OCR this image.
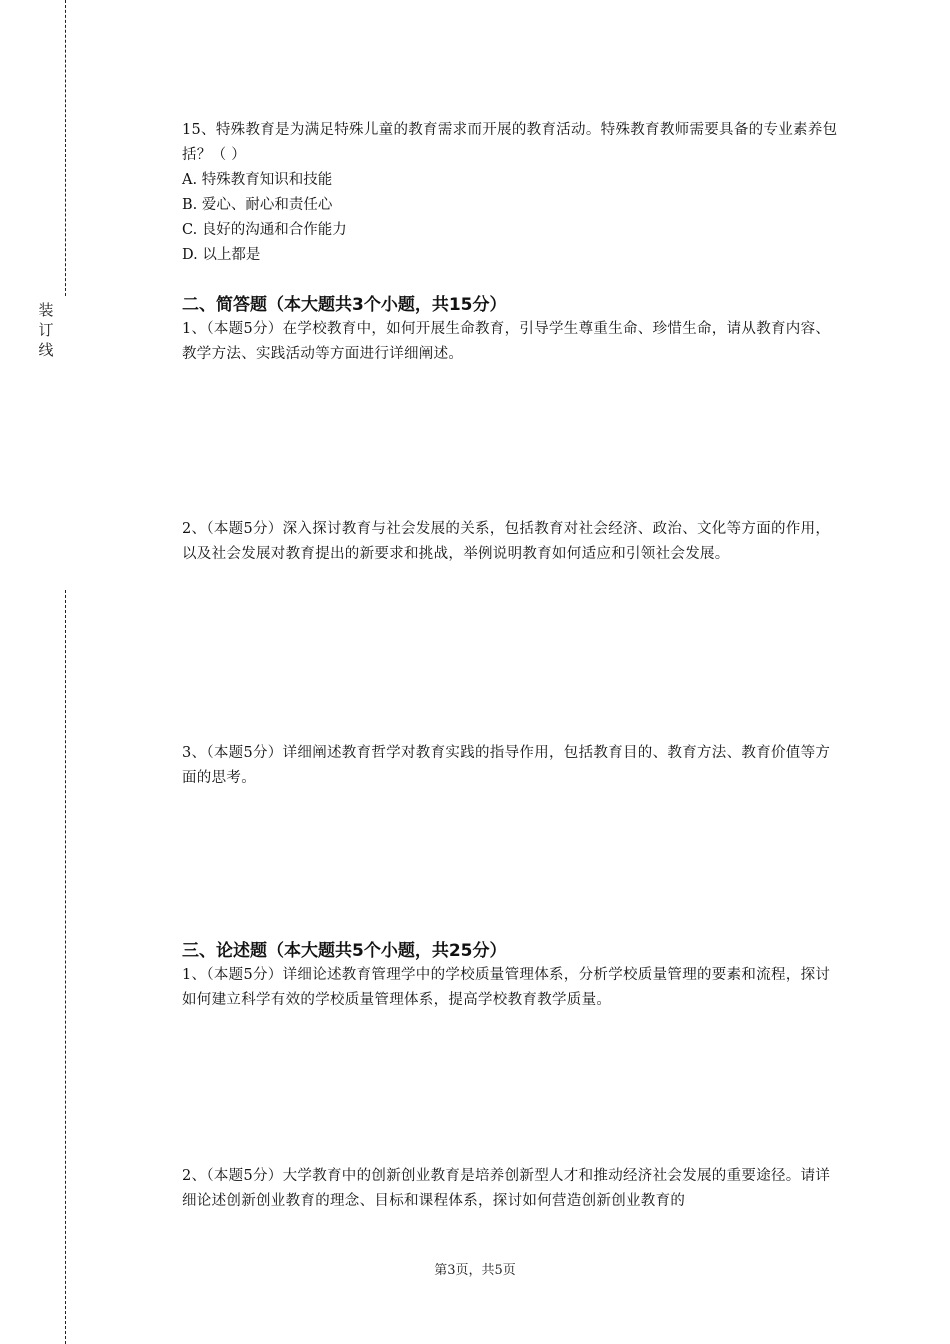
装
订
线

15、特殊教育是为满足特殊儿童的教育需求而开展的教育活动。特殊教育教师需要具备的专业素养包括？（ ）

A. 特殊教育知识和技能

B. 爱心、耐心和责任心

C. 良好的沟通和合作能力

D. 以上都是

二、简答题（本大题共3个小题，共15分）

1、（本题5分）在学校教育中，如何开展生命教育，引导学生尊重生命、珍惜生命，请从教育内容、教学方法、实践活动等方面进行详细阐述。

2、（本题5分）深入探讨教育与社会发展的关系，包括教育对社会经济、政治、文化等方面的作用，以及社会发展对教育提出的新要求和挑战，举例说明教育如何适应和引领社会发展。

3、（本题5分）详细阐述教育哲学对教育实践的指导作用，包括教育目的、教育方法、教育价值等方面的思考。

三、论述题（本大题共5个小题，共25分）

1、（本题5分）详细论述教育管理学中的学校质量管理体系，分析学校质量管理的要素和流程，探讨如何建立科学有效的学校质量管理体系，提高学校教育教学质量。

2、（本题5分）大学教育中的创新创业教育是培养创新型人才和推动经济社会发展的重要途径。请详细论述创新创业教育的理念、目标和课程体系，探讨如何营造创新创业教育的

第3页，共5页
